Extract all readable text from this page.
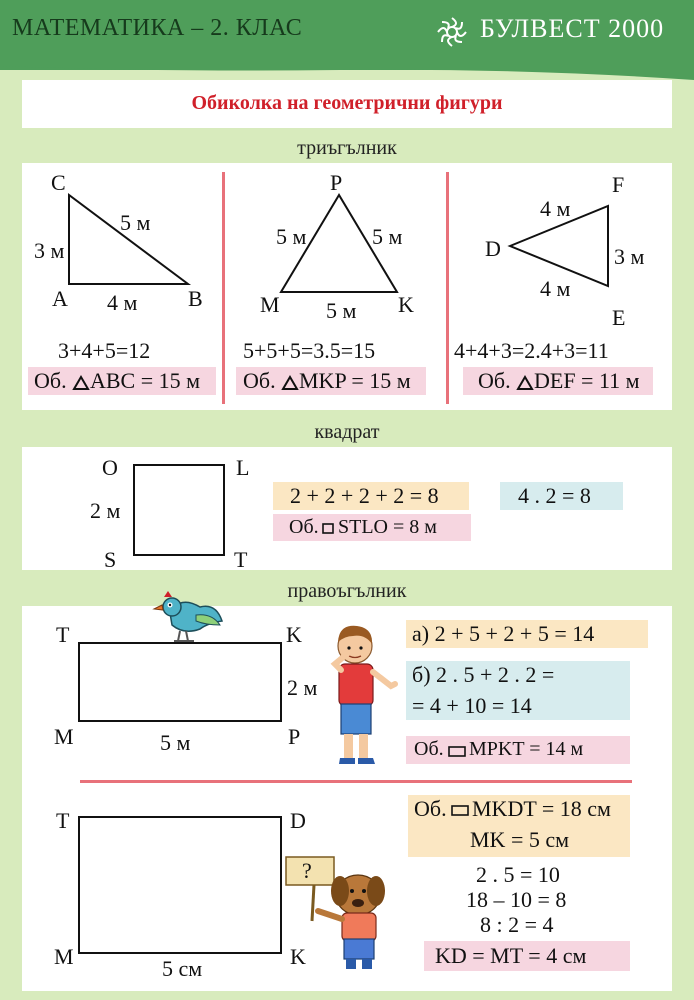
МАТЕМАТИКА – 2. КЛАС	БУЛВЕСТ 2000
Обиколка на геометрични фигури
триъгълник
C
A	B
3 м
4 м
5 м
3+4+5=12
Об. ABC = 15 м
P
M	K
5 м	5 м
5 м
5+5+5=3.5=15
Об. MKP = 15 м
F
D
E
4 м
3 м
4 м
4+4+3=2.4+3=11
Об. DEF = 11 м
квадрат
O	L
S	T
2 м
2 + 2 + 2 + 2 = 8	4 . 2 = 8
Об. STLO = 8 м
правоъгълник
T	K
M	P
5 м
2 м
а) 2 + 5 + 2 + 5 = 14
б) 2 . 5 + 2 . 2 =
= 4 + 10 = 14
Об. MPKT = 14 м
T	D
M	K
5 см
?
Об. MKDT = 18 см
MK = 5 см
2 . 5 = 10
18 – 10 = 8
8 : 2 = 4
KD = MT = 4 см
